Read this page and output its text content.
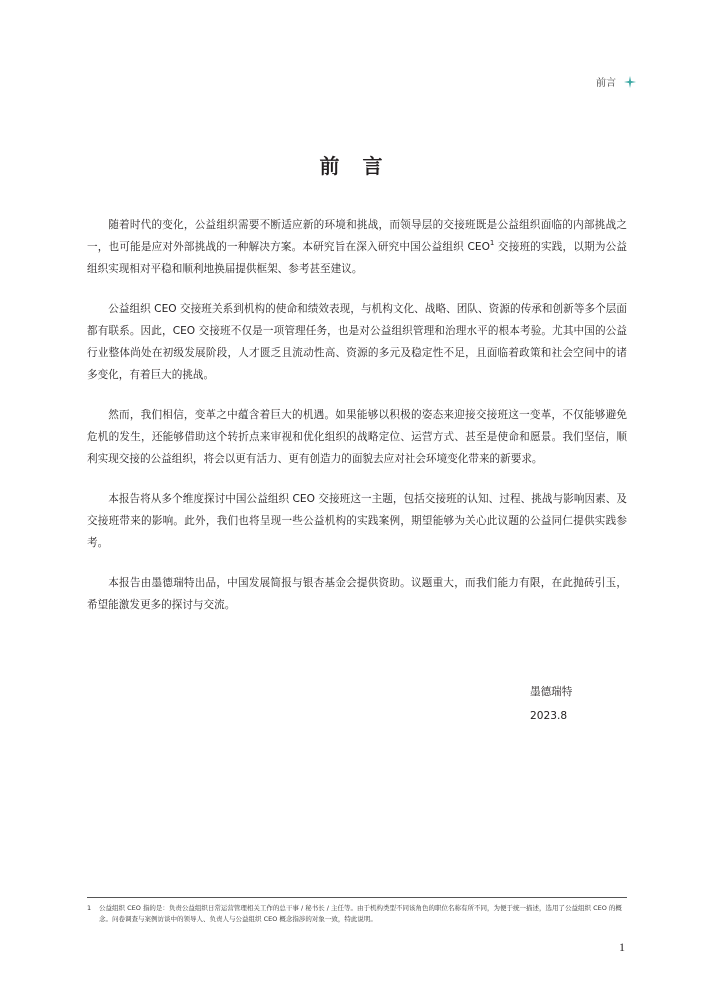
前言
前 言

随着时代的变化，公益组织需要不断适应新的环境和挑战，而领导层的交接班既是公益组织面临的内部挑战之一，也可能是应对外部挑战的一种解决方案。本研究旨在深入研究中国公益组织 CEO$^1$ 交接班的实践，以期为公益组织实现相对平稳和顺利地换届提供框架、参考甚至建议。

公益组织 CEO 交接班关系到机构的使命和绩效表现，与机构文化、战略、团队、资源的传承和创新等多个层面都有联系。因此，CEO 交接班不仅是一项管理任务，也是对公益组织管理和治理水平的根本考验。尤其中国的公益行业整体尚处在初级发展阶段，人才匮乏且流动性高、资源的多元及稳定性不足，且面临着政策和社会空间中的诸多变化，有着巨大的挑战。

然而，我们相信，变革之中蕴含着巨大的机遇。如果能够以积极的姿态来迎接交接班这一变革，不仅能够避免危机的发生，还能够借助这个转折点来审视和优化组织的战略定位、运营方式、甚至是使命和愿景。我们坚信，顺利实现交接的公益组织，将会以更有活力、更有创造力的面貌去应对社会环境变化带来的新要求。

本报告将从多个维度探讨中国公益组织 CEO 交接班这一主题，包括交接班的认知、过程、挑战与影响因素、及交接班带来的影响。此外，我们也将呈现一些公益机构的实践案例，期望能够为关心此议题的公益同仁提供实践参考。

本报告由墨德瑞特出品，中国发展简报与银杏基金会提供资助。议题重大，而我们能力有限，在此抛砖引玉，希望能激发更多的探讨与交流。

墨德瑞特
2023.8
1	公益组织 CEO 指的是：负责公益组织日常运营管理相关工作的总干事 / 秘书长 / 主任等。由于机构类型不同该角色的职位名称有所不同，为便于统一描述，选用了公益组织 CEO 的概念。问卷调查与案例访谈中的领导人、负责人与公益组织 CEO 概念指涉的对象一致，特此说明。
1
